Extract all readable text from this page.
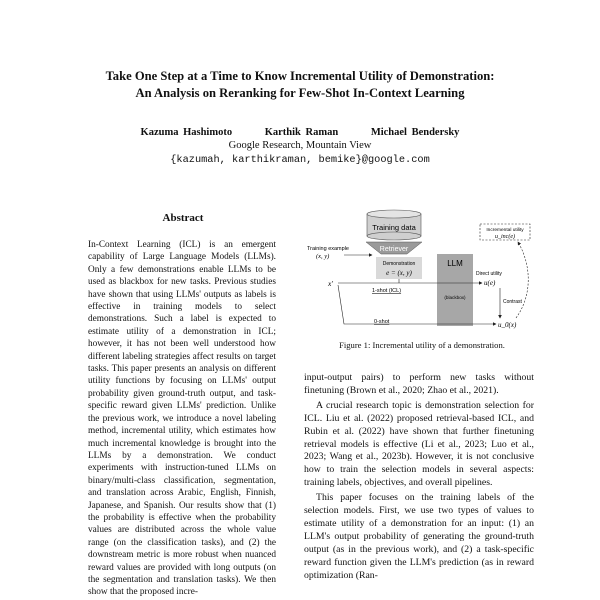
Take One Step at a Time to Know Incremental Utility of Demonstration:
An Analysis on Reranking for Few-Shot In-Context Learning
Kazuma Hashimoto	Karthik Raman	Michael Bendersky
Google Research, Mountain View
{kazumah, karthikraman, bemike}@google.com
Abstract
In-Context Learning (ICL) is an emergent capability of Large Language Models (LLMs). Only a few demonstrations enable LLMs to be used as blackbox for new tasks. Previous studies have shown that using LLMs' outputs as labels is effective in training models to select demonstrations. Such a label is expected to estimate utility of a demonstration in ICL; however, it has not been well understood how different labeling strategies affect results on target tasks. This paper presents an analysis on different utility functions by focusing on LLMs' output probability given ground-truth output, and task-specific reward given LLMs' prediction. Unlike the previous work, we introduce a novel labeling method, incremental utility, which estimates how much incremental knowledge is brought into the LLMs by a demonstration. We conduct experiments with instruction-tuned LLMs on binary/multi-class classification, segmentation, and translation across Arabic, English, Finnish, Japanese, and Spanish. Our results show that (1) the probability is effective when the probability values are distributed across the whole value range (on the classification tasks), and (2) the downstream metric is more robust when nuanced reward values are provided with long outputs (on the segmentation and translation tasks). We then show that the proposed incre-
Training data
Retriever
Demonstration
e = (x, y)
Training example
(x, y)
LLM
(blackbox)
x'
1-shot (ICL)
0-shot
Direct utility
u(e)
u_0(x)
Contrast
Incremental utility
u_inc(e)
Figure 1: Incremental utility of a demonstration.

input-output pairs) to perform new tasks without finetuning (Brown et al., 2020; Zhao et al., 2021).

A crucial research topic is demonstration selection for ICL. Liu et al. (2022) proposed retrieval-based ICL, and Rubin et al. (2022) have shown that further finetuning retrieval models is effective (Li et al., 2023; Luo et al., 2023; Wang et al., 2023b). However, it is not conclusive how to train the selection models in several aspects: training labels, objectives, and overall pipelines.

This paper focuses on the training labels of the selection models. First, we use two types of values to estimate utility of a demonstration for an input: (1) an LLM's output probability of generating the ground-truth output (as in the previous work), and (2) a task-specific reward function given the LLM's prediction (as in reward optimization (Ran-
